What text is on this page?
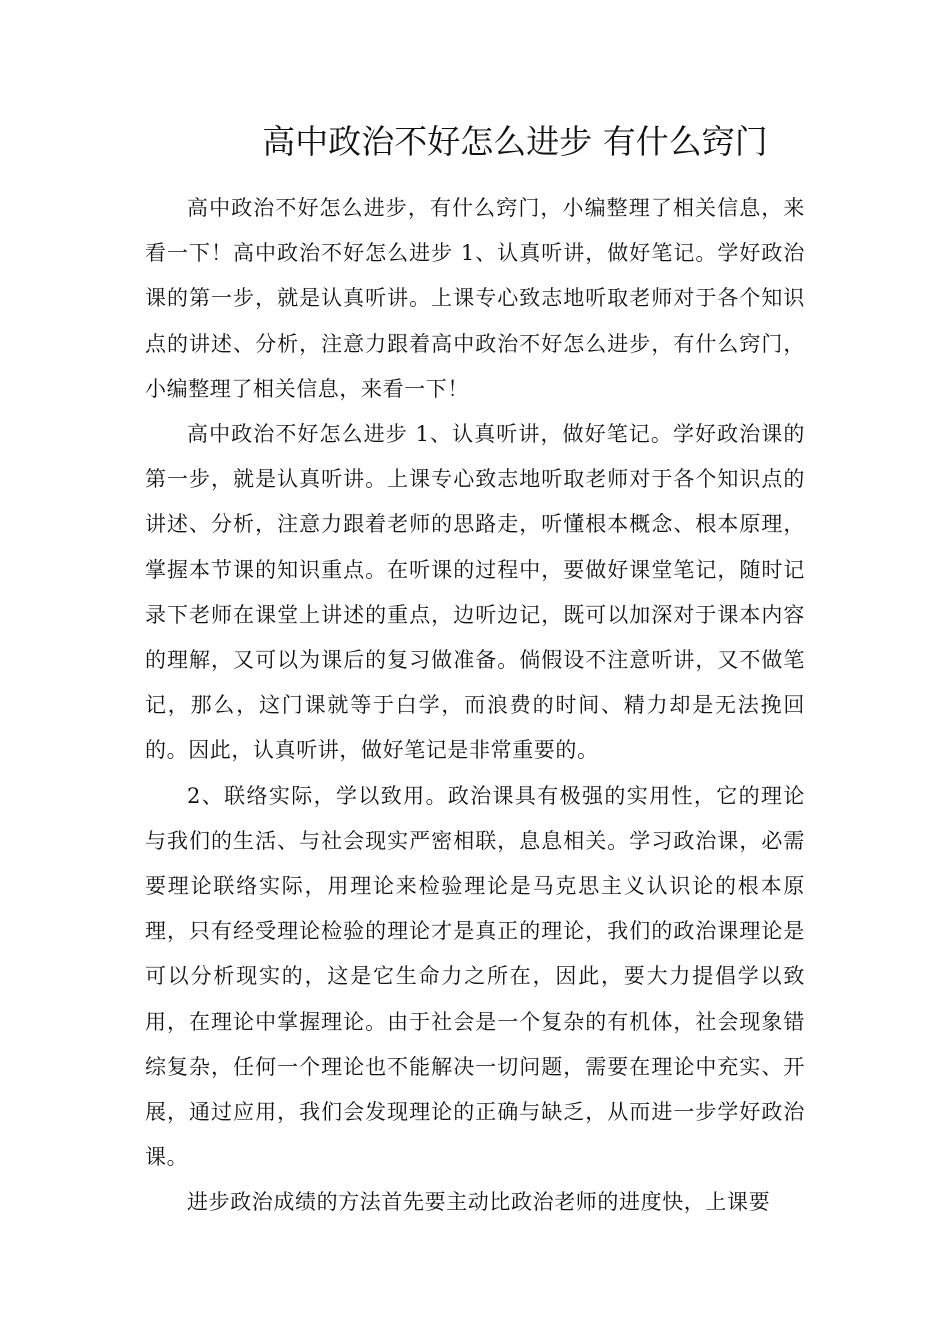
高中政治不好怎么进步 有什么窍门

高中政治不好怎么进步，有什么窍门，小编整理了相关信息，来看一下！高中政治不好怎么进步 1、认真听讲，做好笔记。学好政治课的第一步，就是认真听讲。上课专心致志地听取老师对于各个知识点的讲述、分析，注意力跟着高中政治不好怎么进步，有什么窍门，小编整理了相关信息，来看一下！

高中政治不好怎么进步 1、认真听讲，做好笔记。学好政治课的第一步，就是认真听讲。上课专心致志地听取老师对于各个知识点的讲述、分析，注意力跟着老师的思路走，听懂根本概念、根本原理，掌握本节课的知识重点。在听课的过程中，要做好课堂笔记，随时记录下老师在课堂上讲述的重点，边听边记，既可以加深对于课本内容的理解，又可以为课后的复习做准备。倘假设不注意听讲，又不做笔记，那么，这门课就等于白学，而浪费的时间、精力却是无法挽回的。因此，认真听讲，做好笔记是非常重要的。

2、联络实际，学以致用。政治课具有极强的实用性，它的理论与我们的生活、与社会现实严密相联，息息相关。学习政治课，必需要理论联络实际，用理论来检验理论是马克思主义认识论的根本原理，只有经受理论检验的理论才是真正的理论，我们的政治课理论是可以分析现实的，这是它生命力之所在，因此，要大力提倡学以致用，在理论中掌握理论。由于社会是一个复杂的有机体，社会现象错综复杂，任何一个理论也不能解决一切问题，需要在理论中充实、开展，通过应用，我们会发现理论的正确与缺乏，从而进一步学好政治课。

进步政治成绩的方法首先要主动比政治老师的进度快，上课要
